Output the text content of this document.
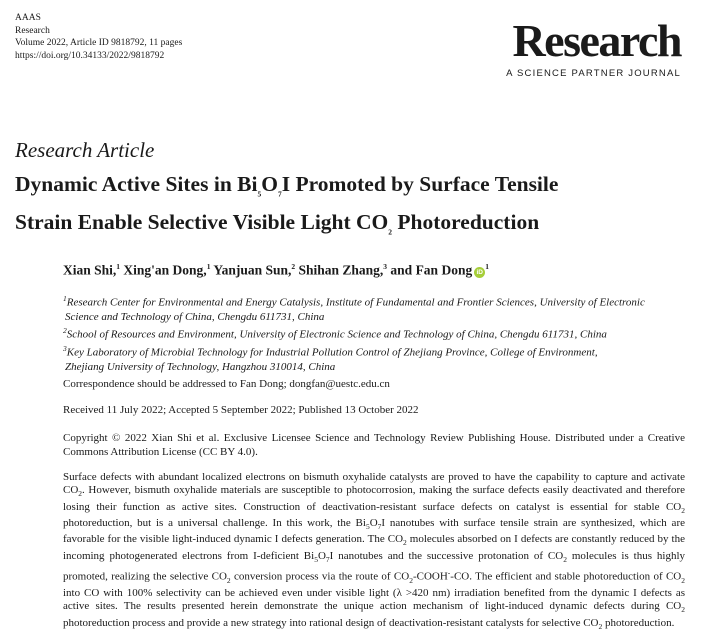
AAAS
Research
Volume 2022, Article ID 9818792, 11 pages
https://doi.org/10.34133/2022/9818792	Research
A SCIENCE PARTNER JOURNAL
Research Article
Dynamic Active Sites in $Bi_5O_7I$ Promoted by Surface Tensile
Strain Enable Selective Visible Light $CO_2$ Photoreduction
Xian Shi,$^1$ Xing'an Dong,$^1$ Yanjuan Sun,$^2$ Shihan Zhang,$^3$ and Fan Dong $iD^1$
$^1$Research Center for Environmental and Energy Catalysis, Institute of Fundamental and Frontier Sciences, University of Electronic
Science and Technology of China, Chengdu 611731, China
$^2$School of Resources and Environment, University of Electronic Science and Technology of China, Chengdu 611731, China
$^3$Key Laboratory of Microbial Technology for Industrial Pollution Control of Zhejiang Province, College of Environment,
Zhejiang University of Technology, Hangzhou 310014, China
Correspondence should be addressed to Fan Dong; dongfan@uestc.edu.cn
Received 11 July 2022; Accepted 5 September 2022; Published 13 October 2022
Copyright © 2022 Xian Shi et al. Exclusive Licensee Science and Technology Review Publishing House. Distributed under a Creative Commons Attribution License (CC BY 4.0).
Surface defects with abundant localized electrons on bismuth oxyhalide catalysts are proved to have the capability to capture and activate $CO_2$. However, bismuth oxyhalide materials are susceptible to photocorrosion, making the surface defects easily deactivated and therefore losing their function as active sites. Construction of deactivation-resistant surface defects on catalyst is essential for stable $CO_2$ photoreduction, but is a universal challenge. In this work, the $Bi_5O_7I$ nanotubes with surface tensile strain are synthesized, which are favorable for the visible light-induced dynamic I defects generation. The $CO_2$ molecules absorbed on I defects are constantly reduced by the incoming photogenerated electrons from I-deficient $Bi_5O_7I$ nanotubes and the successive protonation of $CO_2$ molecules is thus highly promoted, realizing the selective $CO_2$ conversion process via the route of $CO_2-COOH^--CO$. The efficient and stable photoreduction of $CO_2$ into CO with 100% selectivity can be achieved even under visible light (λ >420 nm) irradiation benefited from the dynamic I defects as active sites. The results presented herein demonstrate the unique action mechanism of light-induced dynamic defects during $CO_2$ photoreduction process and provide a new strategy into rational design of deactivation-resistant catalysts for selective $CO_2$ photoreduction.
